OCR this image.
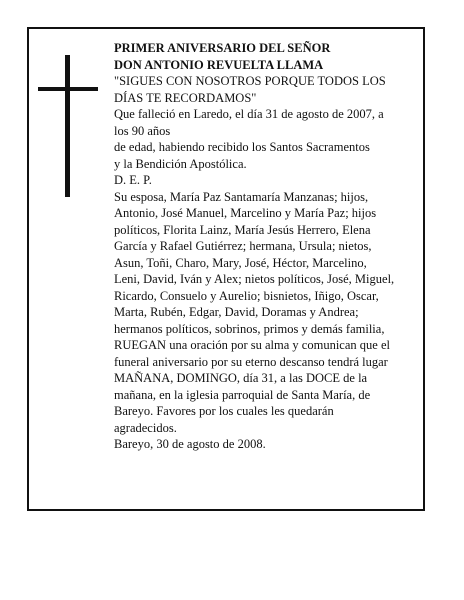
PRIMER ANIVERSARIO DEL SEÑOR
DON ANTONIO REVUELTA LLAMA
"SIGUES CON NOSOTROS PORQUE TODOS LOS
DÍAS TE RECORDAMOS"
Que falleció en Laredo, el día 31 de agosto de 2007, a
los 90 años
de edad, habiendo recibido los Santos Sacramentos
y la Bendición Apostólica.
D. E. P.
Su esposa, María Paz Santamaría Manzanas; hijos,
Antonio, José Manuel, Marcelino y María Paz; hijos
políticos, Florita Lainz, María Jesús Herrero, Elena
García y Rafael Gutiérrez; hermana, Ursula; nietos,
Asun, Toñi, Charo, Mary, José, Héctor, Marcelino,
Leni, David, Iván y Alex; nietos políticos, José, Miguel,
Ricardo, Consuelo y Aurelio; bisnietos, Iñigo, Oscar,
Marta, Rubén, Edgar, David, Doramas y Andrea;
hermanos políticos, sobrinos, primos y demás familia,
RUEGAN una oración por su alma y comunican que el
funeral aniversario por su eterno descanso tendrá lugar
MAÑANA, DOMINGO, día 31, a las DOCE de la
mañana, en la iglesia parroquial de Santa María, de
Bareyo. Favores por los cuales les quedarán
agradecidos.
Bareyo, 30 de agosto de 2008.
